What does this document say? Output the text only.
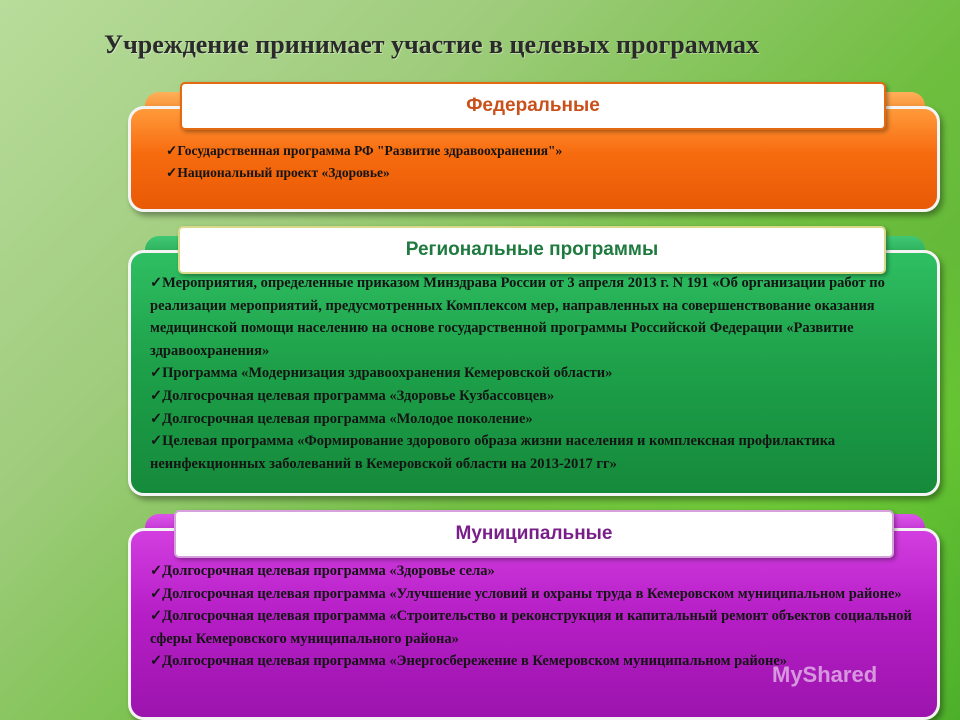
Учреждение принимает участие в целевых программах
Федеральные
✓Государственная программа РФ "Развитие здравоохранения"»
✓Национальный проект «Здоровье»
Региональные программы
✓Мероприятия, определенные приказом Минздрава России от 3 апреля 2013 г. N 191 «Об организации работ по реализации мероприятий, предусмотренных Комплексом мер, направленных на совершенствование оказания медицинской помощи населению на основе государственной программы Российской Федерации «Развитие здравоохранения»
✓Программа «Модернизация здравоохранения Кемеровской области»
✓Долгосрочная целевая программа «Здоровье Кузбассовцев»
✓Долгосрочная целевая программа «Молодое поколение»
✓Целевая программа «Формирование здорового образа жизни населения и комплексная профилактика неинфекционных заболеваний в Кемеровской области на 2013-2017 гг»
Муниципальные
✓Долгосрочная целевая программа «Здоровье села»
✓Долгосрочная целевая программа «Улучшение условий и охраны труда в Кемеровском муниципальном районе»
✓Долгосрочная целевая программа «Строительство и реконструкция и капитальный ремонт объектов социальной сферы Кемеровского муниципального района»
✓Долгосрочная целевая программа «Энергосбережение в Кемеровском муниципальном районе»
MyShared
